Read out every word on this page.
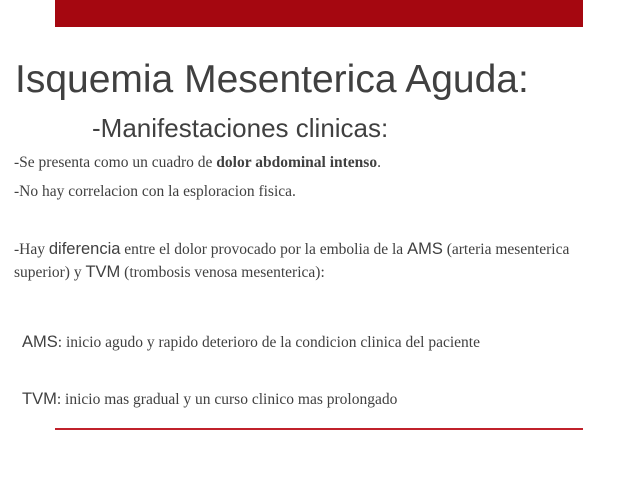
Isquemia Mesenterica Aguda:
-Manifestaciones clinicas:
-Se presenta como un cuadro de dolor abdominal intenso.
-No hay correlacion con la esploracion fisica.
-Hay diferencia entre el dolor provocado por la embolia de la AMS (arteria mesenterica superior) y TVM (trombosis venosa mesenterica):
AMS: inicio agudo y rapido deterioro de la condicion clinica del paciente
TVM: inicio mas gradual y un curso clinico mas prolongado
